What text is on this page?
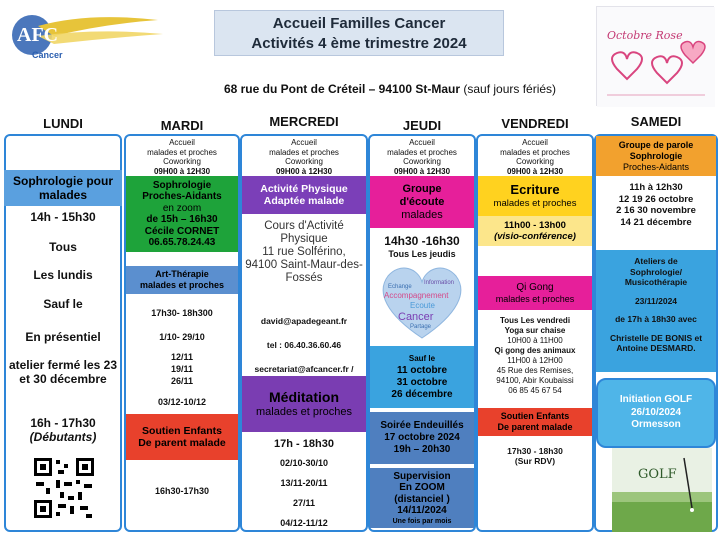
AFC
Cancer
Accueil Familles Cancer
Activités 4 ème trimestre 2024	Octobre Rose
68 rue du Pont de Créteil – 94100 St-Maur (sauf jours fériés)
LUNDI	MARDI	MERCREDI	JEUDI	VENDREDI	SAMEDI
Sophrologie pour malades
14h - 15h30
Tous
Les lundis
Sauf le
En présentiel
atelier fermé les 23 et 30 décembre
16h - 17h30
(Débutants)
Accueil
malades et proches
Coworking
09H00 à 12H30
Sophrologie
Proches-Aidants
en zoom
de 15h – 16h30
Cécile CORNET
06.65.78.24.43
Art-Thérapie
malades et proches
17h30- 18h300
1/10- 29/10
12/11
19/11
26/11
03/12-10/12
Soutien Enfants
De parent malade
16h30-17h30
Accueil
malades et proches
Coworking
09H00 à 12H30
Activité Physique
Adaptée malade
Cours d'Activité Physique
11 rue Solférino,
94100 Saint-Maur-des-Fossés
david@apadegeant.fr
tel : 06.40.36.60.46
secretariat@afcancer.fr /
Méditation
malades et proches
17h - 18h30
02/10-30/10
13/11-20/11
27/11
04/12-11/12
Accueil
malades et proches
Coworking
09H00 à 12H30
Groupe
d'écoute
malades
14h30 -16h30
Tous Les jeudis
Echange
Information
Accompagnement
Ecoute
Cancer
Partage
Sauf le
11 octobre
31 octobre
26 décembre
Soirée Endeuillés
17 octobre 2024
19h – 20h30
Supervision
En ZOOM
(distanciel )
14/11/2024
Une fois par mois
Accueil
malades et proches
Coworking
09H00 à 12H30
Ecriture
malades et proches
11h00 - 13h00
(visio-conférence)
Qi Gong
malades et proches
Tous Les vendredi
Yoga sur chaise
10H00 à 11H00
Qi gong des animaux
11H00 à 12H00
45 Rue des Remises,
94100, Abir Koubaissi
06 85 45 67 54
Soutien Enfants
De parent malade
17h30 - 18h30
(Sur RDV)
Groupe de parole
Sophrologie
Proches-Aidants
11h à 12h30
12 19 26 octobre
2 16 30 novembre
14 21 décembre
Ateliers de
Sophrologie/
Musicothérapie
23/11/2024
de 17h à 18h30 avec
Christelle DE BONIS et Antoine DESMARD.
Initiation GOLF
26/10/2024
Ormesson
GOLF
